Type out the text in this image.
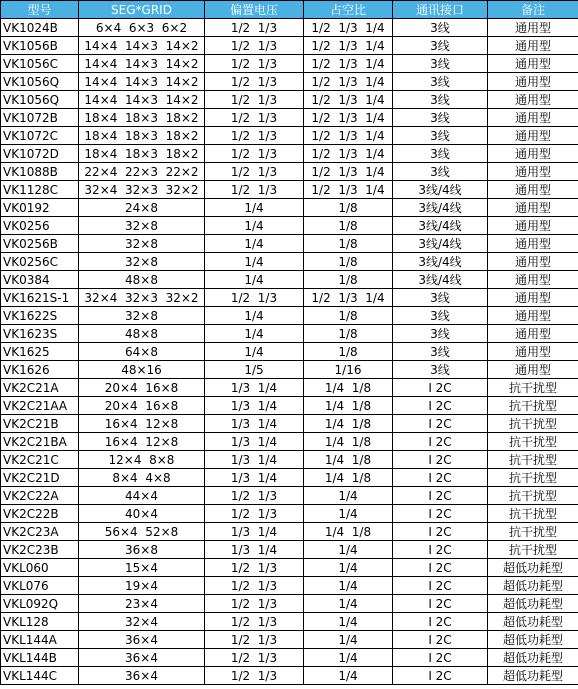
型号	SEG*GRID	偏置电压	占空比	通讯接口	备注
VK1024B	6×4  6×3  6×2	1/2  1/3	1/2  1/3  1/4	3线	通用型
VK1056B	14×4  14×3  14×2	1/2  1/3	1/2  1/3  1/4	3线	通用型
VK1056C	14×4  14×3  14×2	1/2  1/3	1/2  1/3  1/4	3线	通用型
VK1056Q	14×4  14×3  14×2	1/2  1/3	1/2  1/3  1/4	3线	通用型
VK1056Q	14×4  14×3  14×2	1/2  1/3	1/2  1/3  1/4	3线	通用型
VK1072B	18×4  18×3  18×2	1/2  1/3	1/2  1/3  1/4	3线	通用型
VK1072C	18×4  18×3  18×2	1/2  1/3	1/2  1/3  1/4	3线	通用型
VK1072D	18×4  18×3  18×2	1/2  1/3	1/2  1/3  1/4	3线	通用型
VK1088B	22×4  22×3  22×2	1/2  1/3	1/2  1/3  1/4	3线	通用型
VK1128C	32×4  32×3  32×2	1/2  1/3	1/2  1/3  1/4	3线/4线	通用型
VK0192	24×8	1/4	1/8	3线/4线	通用型
VK0256	32×8	1/4	1/8	3线/4线	通用型
VK0256B	32×8	1/4	1/8	3线/4线	通用型
VK0256C	32×8	1/4	1/8	3线/4线	通用型
VK0384	48×8	1/4	1/8	3线/4线	通用型
VK1621S-1	32×4  32×3  32×2	1/2  1/3	1/2  1/3  1/4	3线	通用型
VK1622S	32×8	1/4	1/8	3线	通用型
VK1623S	48×8	1/4	1/8	3线	通用型
VK1625	64×8	1/4	1/8	3线	通用型
VK1626	48×16	1/5	1/16	3线	通用型
VK2C21A	20×4  16×8	1/3  1/4	1/4  1/8	I 2C	抗干扰型
VK2C21AA	20×4  16×8	1/3  1/4	1/4  1/8	I 2C	抗干扰型
VK2C21B	16×4  12×8	1/3  1/4	1/4  1/8	I 2C	抗干扰型
VK2C21BA	16×4  12×8	1/3  1/4	1/4  1/8	I 2C	抗干扰型
VK2C21C	12×4  8×8	1/3  1/4	1/4  1/8	I 2C	抗干扰型
VK2C21D	8×4  4×8	1/3  1/4	1/4  1/8	I 2C	抗干扰型
VK2C22A	44×4	1/2  1/3	1/4	I 2C	抗干扰型
VK2C22B	40×4	1/2  1/3	1/4	I 2C	抗干扰型
VK2C23A	56×4  52×8	1/3  1/4	1/4  1/8	I 2C	抗干扰型
VK2C23B	36×8	1/3  1/4	1/4	I 2C	抗干扰型
VKL060	15×4	1/2  1/3	1/4	I 2C	超低功耗型
VKL076	19×4	1/2  1/3	1/4	I 2C	超低功耗型
VKL092Q	23×4	1/2  1/3	1/4	I 2C	超低功耗型
VKL128	32×4	1/2  1/3	1/4	I 2C	超低功耗型
VKL144A	36×4	1/2  1/3	1/4	I 2C	超低功耗型
VKL144B	36×4	1/2  1/3	1/4	I 2C	超低功耗型
VKL144C	36×4	1/2  1/3	1/4	I 2C	超低功耗型
